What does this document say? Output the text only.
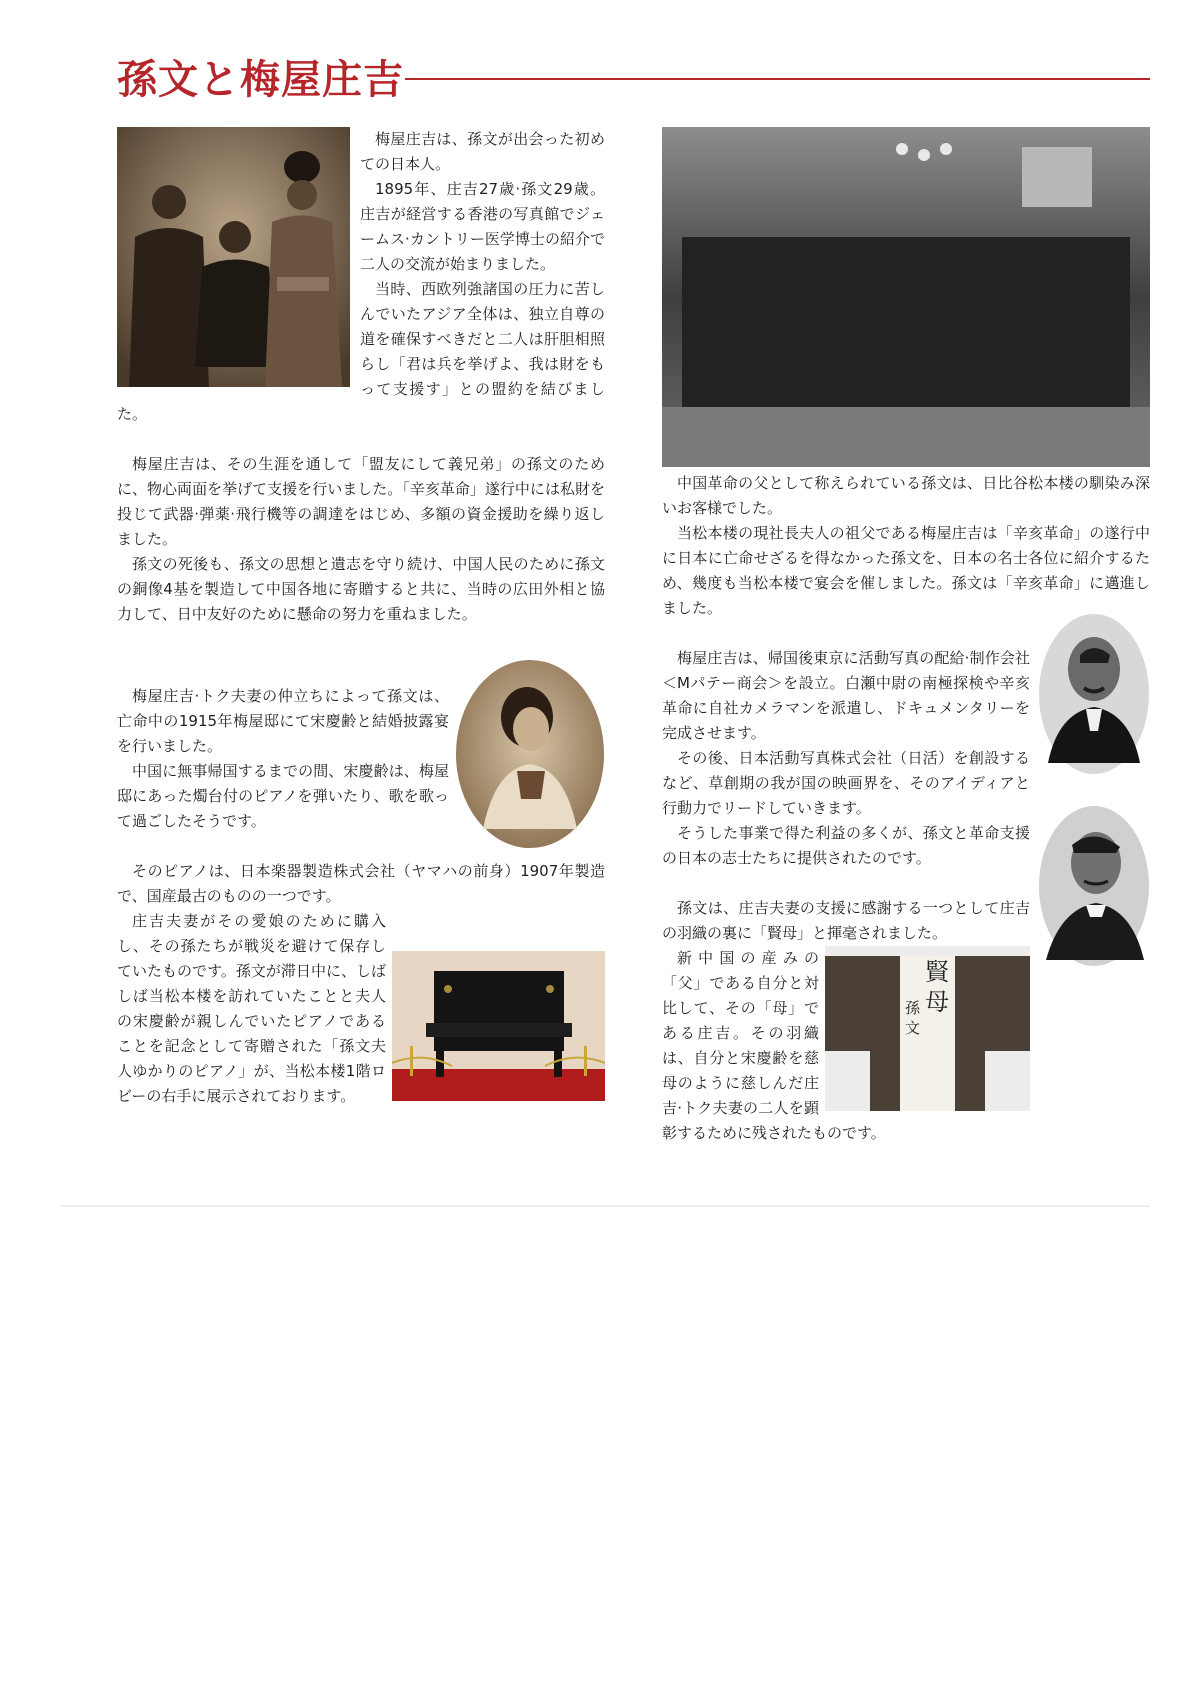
孫文と梅屋庄吉

梅屋庄吉は、孫文が出会った初めての日本人。

1895年、庄吉27歳·孫文29歳。庄吉が経営する香港の写真館でジェームス·カントリー医学博士の紹介で二人の交流が始まりました。

当時、西欧列強諸国の圧力に苦しんでいたアジア全体は、独立自尊の道を確保すべきだと二人は肝胆相照らし「君は兵を挙げよ、我は財をもって支援す」との盟約を結びました。

梅屋庄吉は、その生涯を通して「盟友にして義兄弟」の孫文のために、物心両面を挙げて支援を行いました。「辛亥革命」遂行中には私財を投じて武器·弾薬·飛行機等の調達をはじめ、多額の資金援助を繰り返しました。

孫文の死後も、孫文の思想と遺志を守り続け、中国人民のために孫文の銅像4基を製造して中国各地に寄贈すると共に、当時の広田外相と協力して、日中友好のために懸命の努力を重ねました。

梅屋庄吉·トク夫妻の仲立ちによって孫文は、亡命中の1915年梅屋邸にて宋慶齢と結婚披露宴を行いました。

中国に無事帰国するまでの間、宋慶齢は、梅屋邸にあった燭台付のピアノを弾いたり、歌を歌って過ごしたそうです。

そのピアノは、日本楽器製造株式会社（ヤマハの前身）1907年製造で、国産最古のものの一つです。

庄吉夫妻がその愛娘のために購入し、その孫たちが戦災を避けて保存していたものです。孫文が滞日中に、しばしば当松本楼を訪れていたことと夫人の宋慶齢が親しんでいたピアノであることを記念として寄贈された「孫文夫人ゆかりのピアノ」が、当松本楼1階ロビーの右手に展示されております。

中国革命の父として称えられている孫文は、日比谷松本楼の馴染み深いお客様でした。

当松本楼の現社長夫人の祖父である梅屋庄吉は「辛亥革命」の遂行中に日本に亡命せざるを得なかった孫文を、日本の名士各位に紹介するため、幾度も当松本楼で宴会を催しました。孫文は「辛亥革命」に邁進しました。

梅屋庄吉は、帰国後東京に活動写真の配給·制作会社＜Mパテー商会＞を設立。白瀬中尉の南極探検や辛亥革命に自社カメラマンを派遣し、ドキュメンタリーを完成させます。

その後、日本活動写真株式会社（日活）を創設するなど、草創期の我が国の映画界を、そのアイディアと行動力でリードしていきます。

そうした事業で得た利益の多くが、孫文と革命支援の日本の志士たちに提供されたのです。

孫文は、庄吉夫妻の支援に感謝する一つとして庄吉の羽織の裏に「賢母」と揮毫されました。

賢
母
孫
文

新中国の産みの「父」である自分と対比して、その「母」である庄吉。その羽織は、自分と宋慶齢を慈母のように慈しんだ庄吉·トク夫妻の二人を顕彰するために残されたものです。
